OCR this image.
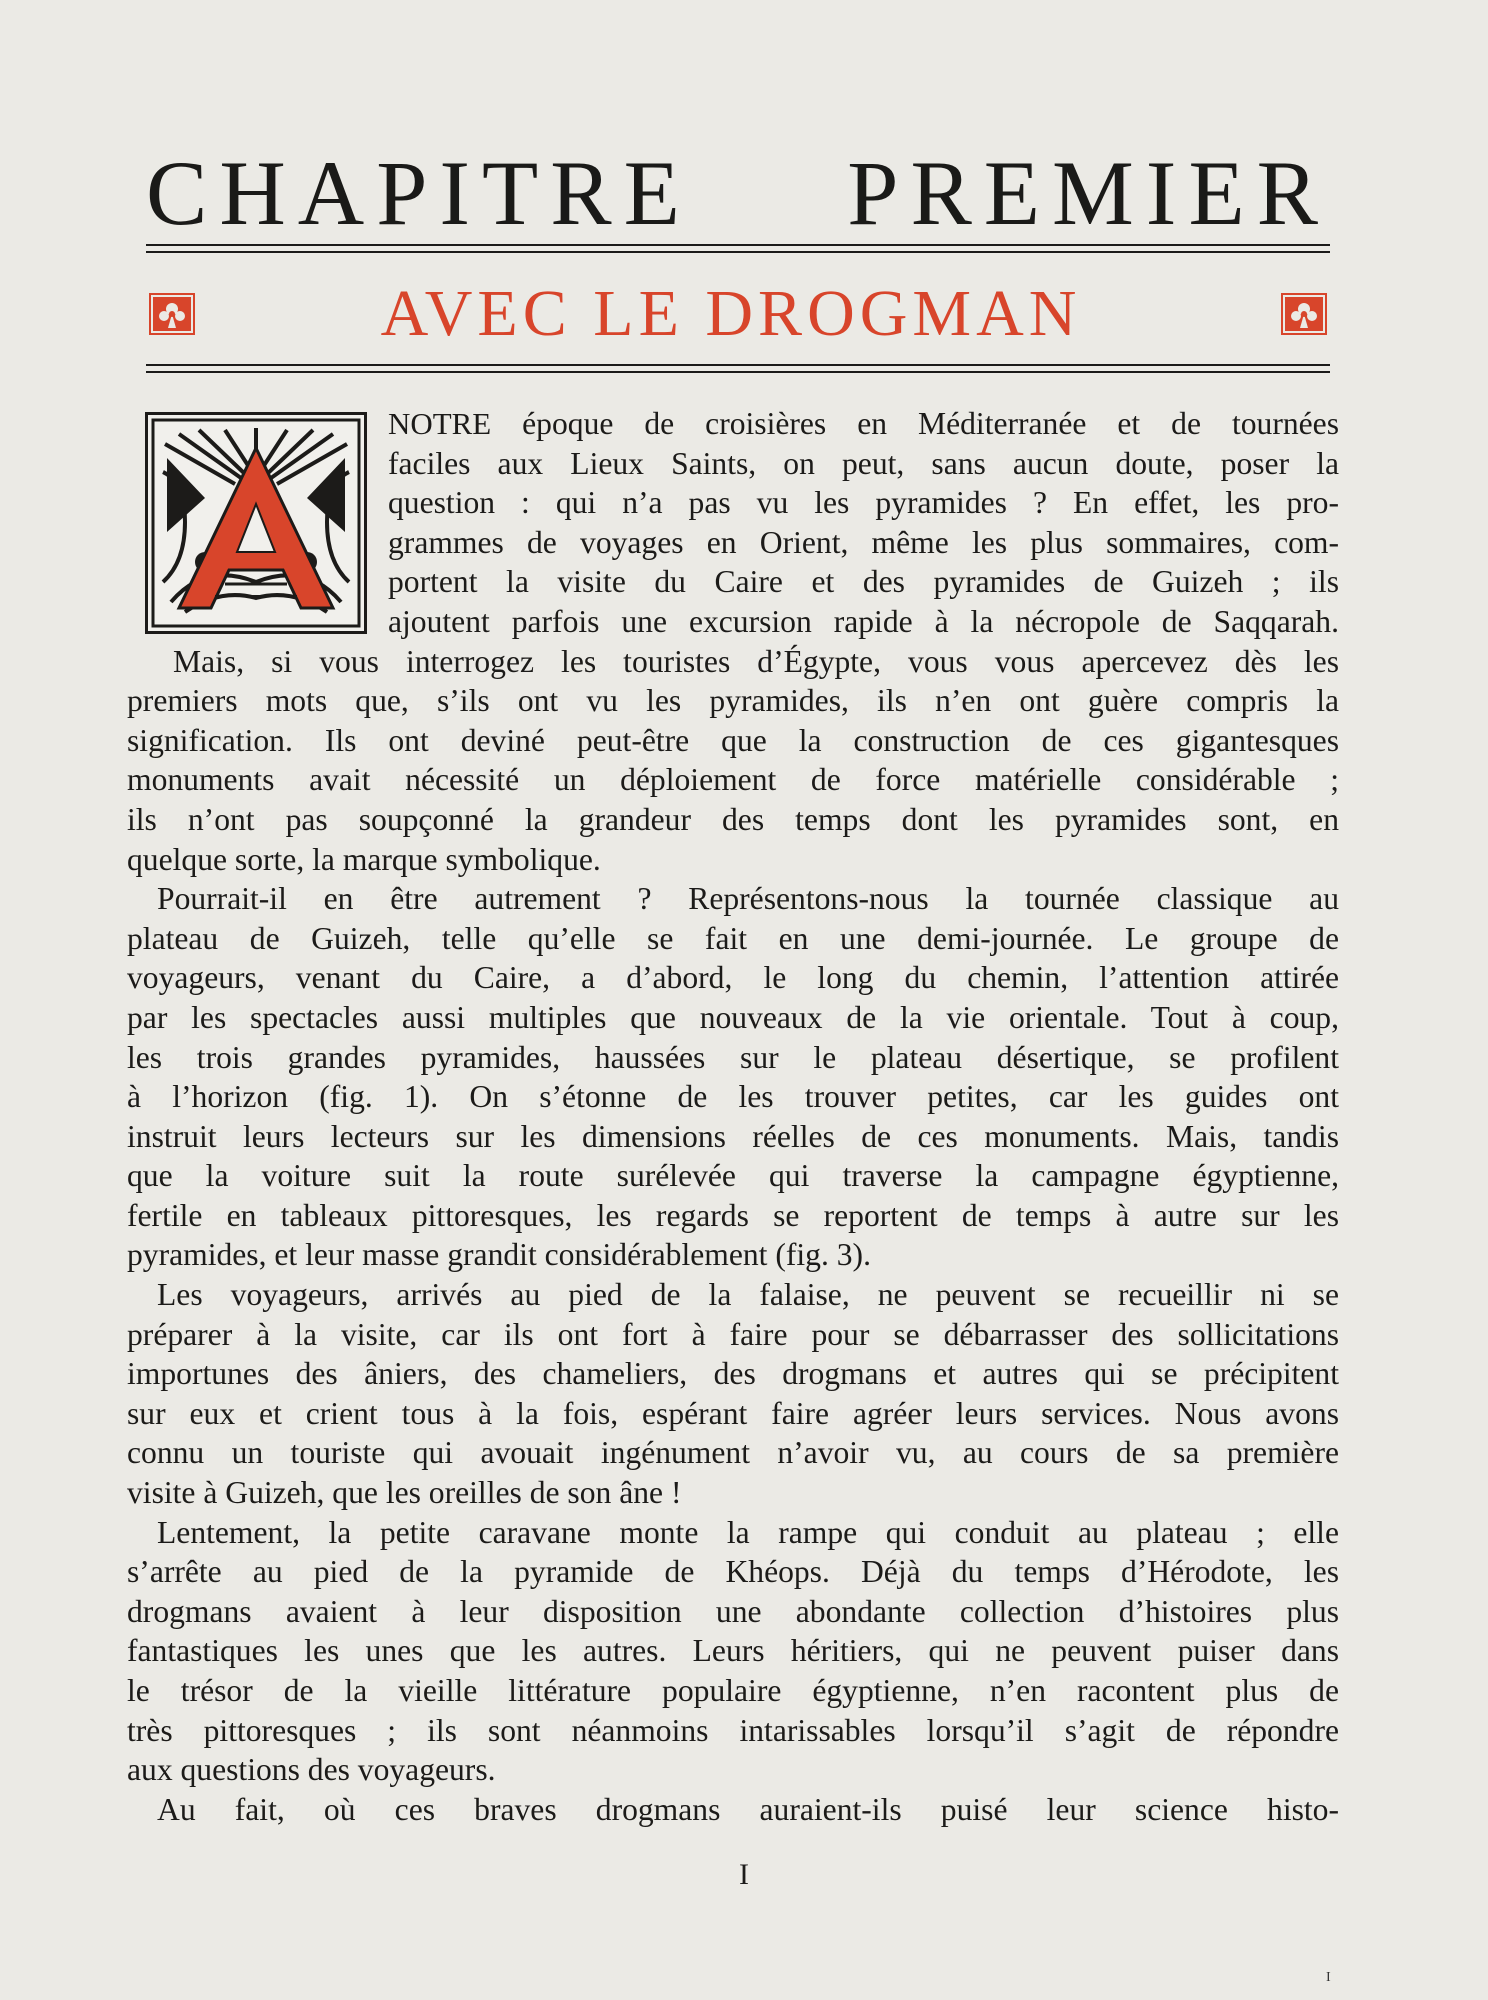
CHAPITRE PREMIER
AVEC LE DROGMAN
NOTRE époque de croisières en Méditerranée et de tournées
faciles aux Lieux Saints, on peut, sans aucun doute, poser la
question : qui n’a pas vu les pyramides ? En effet, les pro-
grammes de voyages en Orient, même les plus sommaires, com-
portent la visite du Caire et des pyramides de Guizeh ; ils
ajoutent parfois une excursion rapide à la nécropole de Saqqarah.
Mais, si vous interrogez les touristes d’Égypte, vous vous apercevez dès les
premiers mots que, s’ils ont vu les pyramides, ils n’en ont guère compris la
signification. Ils ont deviné peut-être que la construction de ces gigantesques
monuments avait nécessité un déploiement de force matérielle considérable ;
ils n’ont pas soupçonné la grandeur des temps dont les pyramides sont, en
quelque sorte, la marque symbolique.
Pourrait-il en être autrement ? Représentons-nous la tournée classique au
plateau de Guizeh, telle qu’elle se fait en une demi-journée. Le groupe de
voyageurs, venant du Caire, a d’abord, le long du chemin, l’attention attirée
par les spectacles aussi multiples que nouveaux de la vie orientale. Tout à coup,
les trois grandes pyramides, haussées sur le plateau désertique, se profilent
à l’horizon (fig. 1). On s’étonne de les trouver petites, car les guides ont
instruit leurs lecteurs sur les dimensions réelles de ces monuments. Mais, tandis
que la voiture suit la route surélevée qui traverse la campagne égyptienne,
fertile en tableaux pittoresques, les regards se reportent de temps à autre sur les
pyramides, et leur masse grandit considérablement (fig. 3).
Les voyageurs, arrivés au pied de la falaise, ne peuvent se recueillir ni se
préparer à la visite, car ils ont fort à faire pour se débarrasser des sollicitations
importunes des âniers, des chameliers, des drogmans et autres qui se précipitent
sur eux et crient tous à la fois, espérant faire agréer leurs services. Nous avons
connu un touriste qui avouait ingénument n’avoir vu, au cours de sa première
visite à Guizeh, que les oreilles de son âne !
Lentement, la petite caravane monte la rampe qui conduit au plateau ; elle
s’arrête au pied de la pyramide de Khéops. Déjà du temps d’Hérodote, les
drogmans avaient à leur disposition une abondante collection d’histoires plus
fantastiques les unes que les autres. Leurs héritiers, qui ne peuvent puiser dans
le trésor de la vieille littérature populaire égyptienne, n’en racontent plus de
très pittoresques ; ils sont néanmoins intarissables lorsqu’il s’agit de répondre
aux questions des voyageurs.
Au fait, où ces braves drogmans auraient-ils puisé leur science histo-
I
I
